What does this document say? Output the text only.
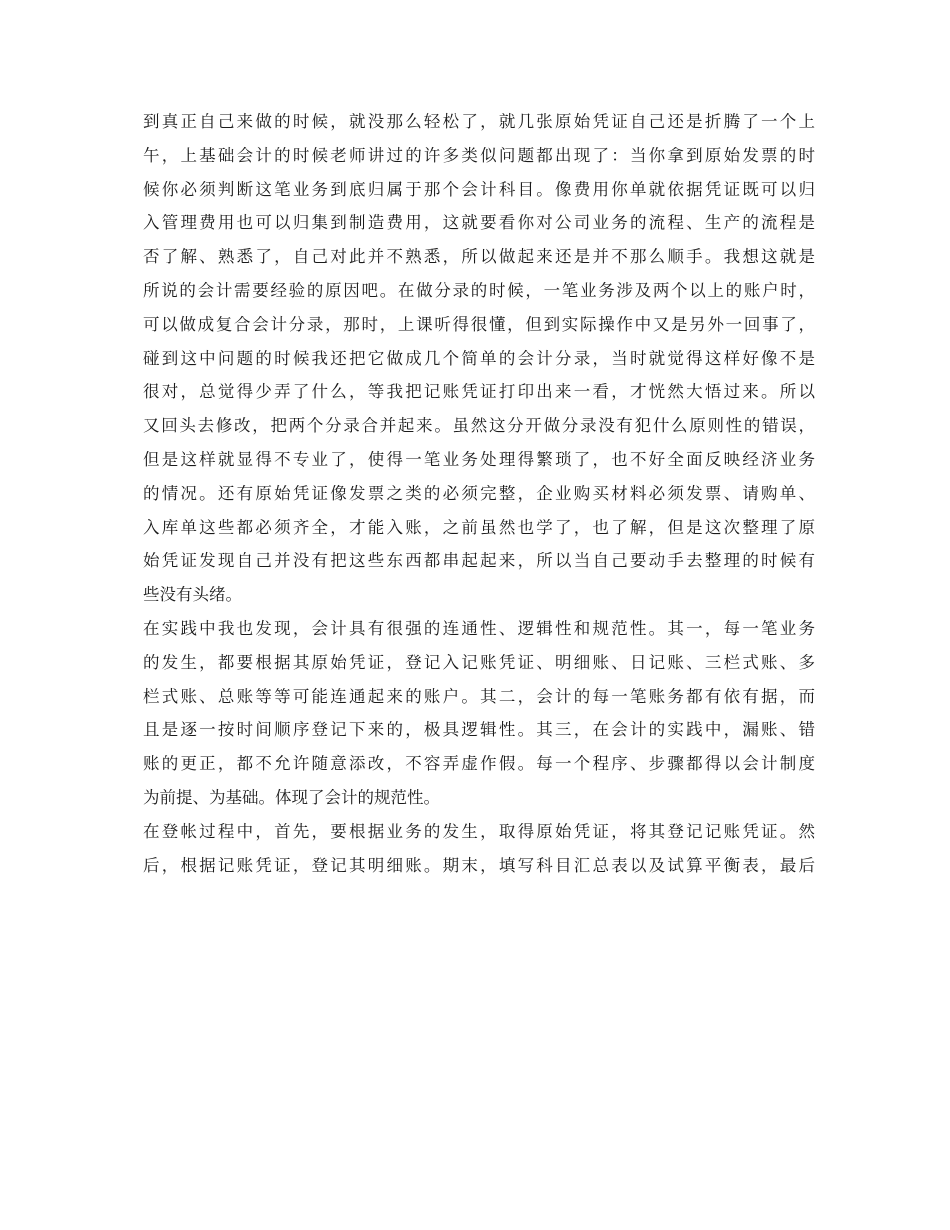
到真正自己来做的时候，就没那么轻松了，就几张原始凭证自己还是折腾了一个上
午，上基础会计的时候老师讲过的许多类似问题都出现了：当你拿到原始发票的时
候你必须判断这笔业务到底归属于那个会计科目。像费用你单就依据凭证既可以归
入管理费用也可以归集到制造费用，这就要看你对公司业务的流程、生产的流程是
否了解、熟悉了，自己对此并不熟悉，所以做起来还是并不那么顺手。我想这就是
所说的会计需要经验的原因吧。在做分录的时候，一笔业务涉及两个以上的账户时，
可以做成复合会计分录，那时，上课听得很懂，但到实际操作中又是另外一回事了，
碰到这中问题的时候我还把它做成几个简单的会计分录，当时就觉得这样好像不是
很对，总觉得少弄了什么，等我把记账凭证打印出来一看，才恍然大悟过来。所以
又回头去修改，把两个分录合并起来。虽然这分开做分录没有犯什么原则性的错误，
但是这样就显得不专业了，使得一笔业务处理得繁琐了，也不好全面反映经济业务
的情况。还有原始凭证像发票之类的必须完整，企业购买材料必须发票、请购单、
入库单这些都必须齐全，才能入账，之前虽然也学了，也了解，但是这次整理了原
始凭证发现自己并没有把这些东西都串起起来，所以当自己要动手去整理的时候有
些没有头绪。
在实践中我也发现，会计具有很强的连通性、逻辑性和规范性。其一，每一笔业务
的发生，都要根据其原始凭证，登记入记账凭证、明细账、日记账、三栏式账、多
栏式账、总账等等可能连通起来的账户。其二，会计的每一笔账务都有依有据，而
且是逐一按时间顺序登记下来的，极具逻辑性。其三，在会计的实践中，漏账、错
账的更正，都不允许随意添改，不容弄虚作假。每一个程序、步骤都得以会计制度
为前提、为基础。体现了会计的规范性。
在登帐过程中，首先，要根据业务的发生，取得原始凭证，将其登记记账凭证。然
后，根据记账凭证，登记其明细账。期末，填写科目汇总表以及试算平衡表，最后
